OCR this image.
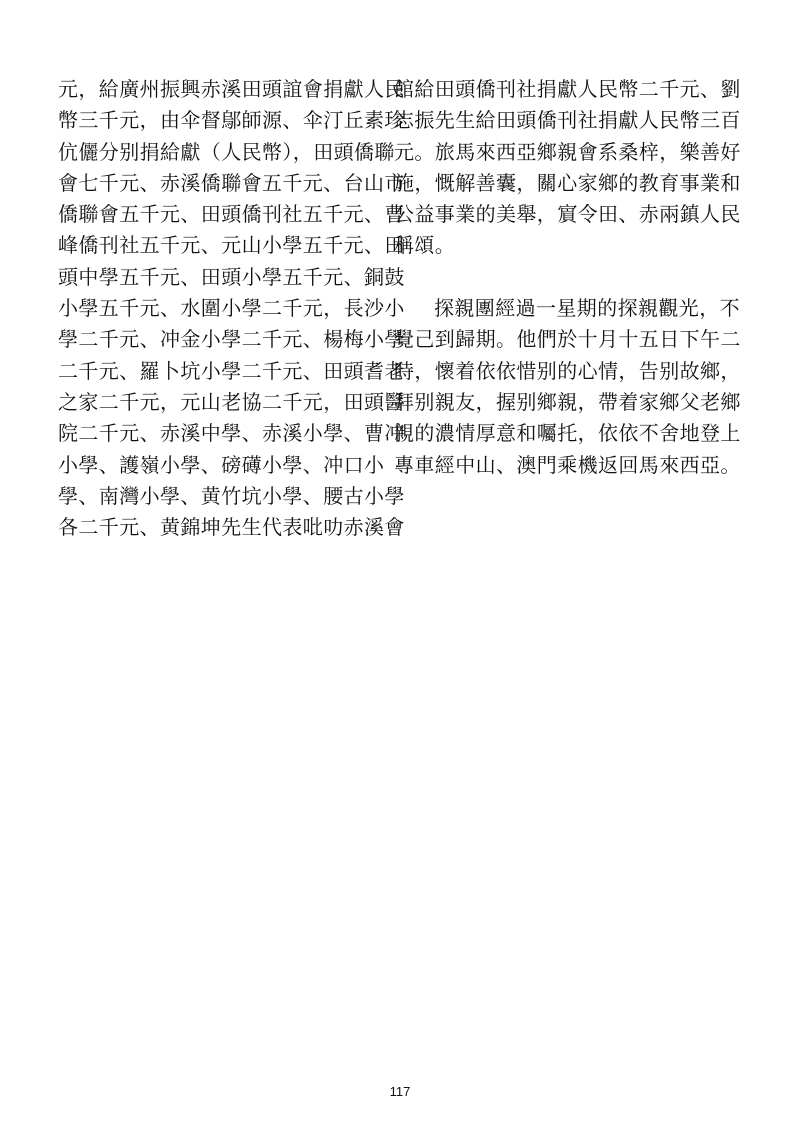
元，給廣州振興赤溪田頭誼會捐獻人民
幣三千元，由伞督鄔師源、伞汀丘素珍
伉儷分别捐給獻（人民幣），田頭僑聯
會七千元、赤溪僑聯會五千元、台山市
僑聯會五千元、田頭僑刊社五千元、曹
峰僑刊社五千元、元山小學五千元、田
頭中學五千元、田頭小學五千元、銅鼓
小學五千元、水圍小學二千元，長沙小
學二千元、冲金小學二千元、楊梅小學
二千元、羅卜坑小學二千元、田頭耆老
之家二千元，元山老協二千元，田頭醫
院二千元、赤溪中學、赤溪小學、曹冲
小學、護嶺小學、磅礡小學、冲口小
學、南灣小學、黄竹坑小學、腰古小學
各二千元、黄錦坤先生代表吡叻赤溪會
館給田頭僑刊社捐獻人民幣二千元、劉
志振先生給田頭僑刊社捐獻人民幣三百
元。旅馬來西亞鄉親會系桑梓，樂善好
施，慨解善囊，關心家鄉的教育事業和
公益事業的美舉，賔令田、赤兩鎮人民
稱頌。
探親團經過一星期的探親觀光，不
覺己到歸期。他們於十月十五日下午二
時，懷着依依惜别的心情，告别故鄉，
拜别親友，握别鄉親，帶着家鄉父老鄉
親的濃情厚意和囑托，依依不舍地登上
專車經中山、澳門乘機返回馬來西亞。
117
